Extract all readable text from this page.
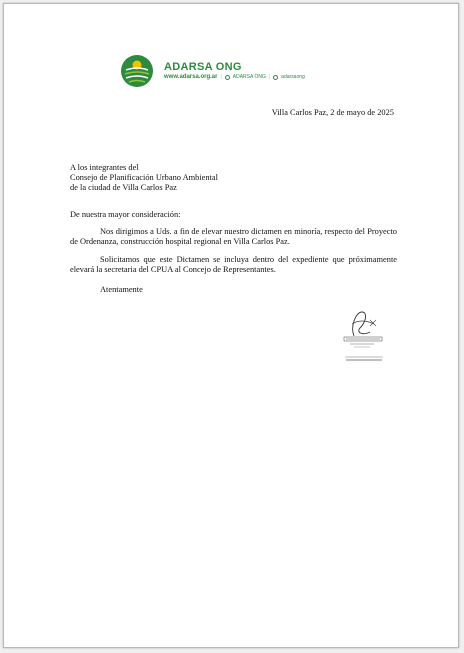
ADARSA ONG
www.adarsa.org.ar | ADARSA ONG | adarsaong
Villa Carlos Paz, 2 de mayo de 2025
A los integrantes del
Consejo de Planificación Urbano Ambiental
de la ciudad de Villa Carlos Paz
De nuestra mayor consideración:
Nos dirigimos a Uds. a fin de elevar nuestro dictamen en minoría, respecto del Proyecto de Ordenanza, construcción hospital regional en Villa Carlos Paz.
Solicitamos que este Dictamen se incluya dentro del expediente que próximamente elevará la secretaria del CPUA al Concejo de Representantes.
Atentamente
